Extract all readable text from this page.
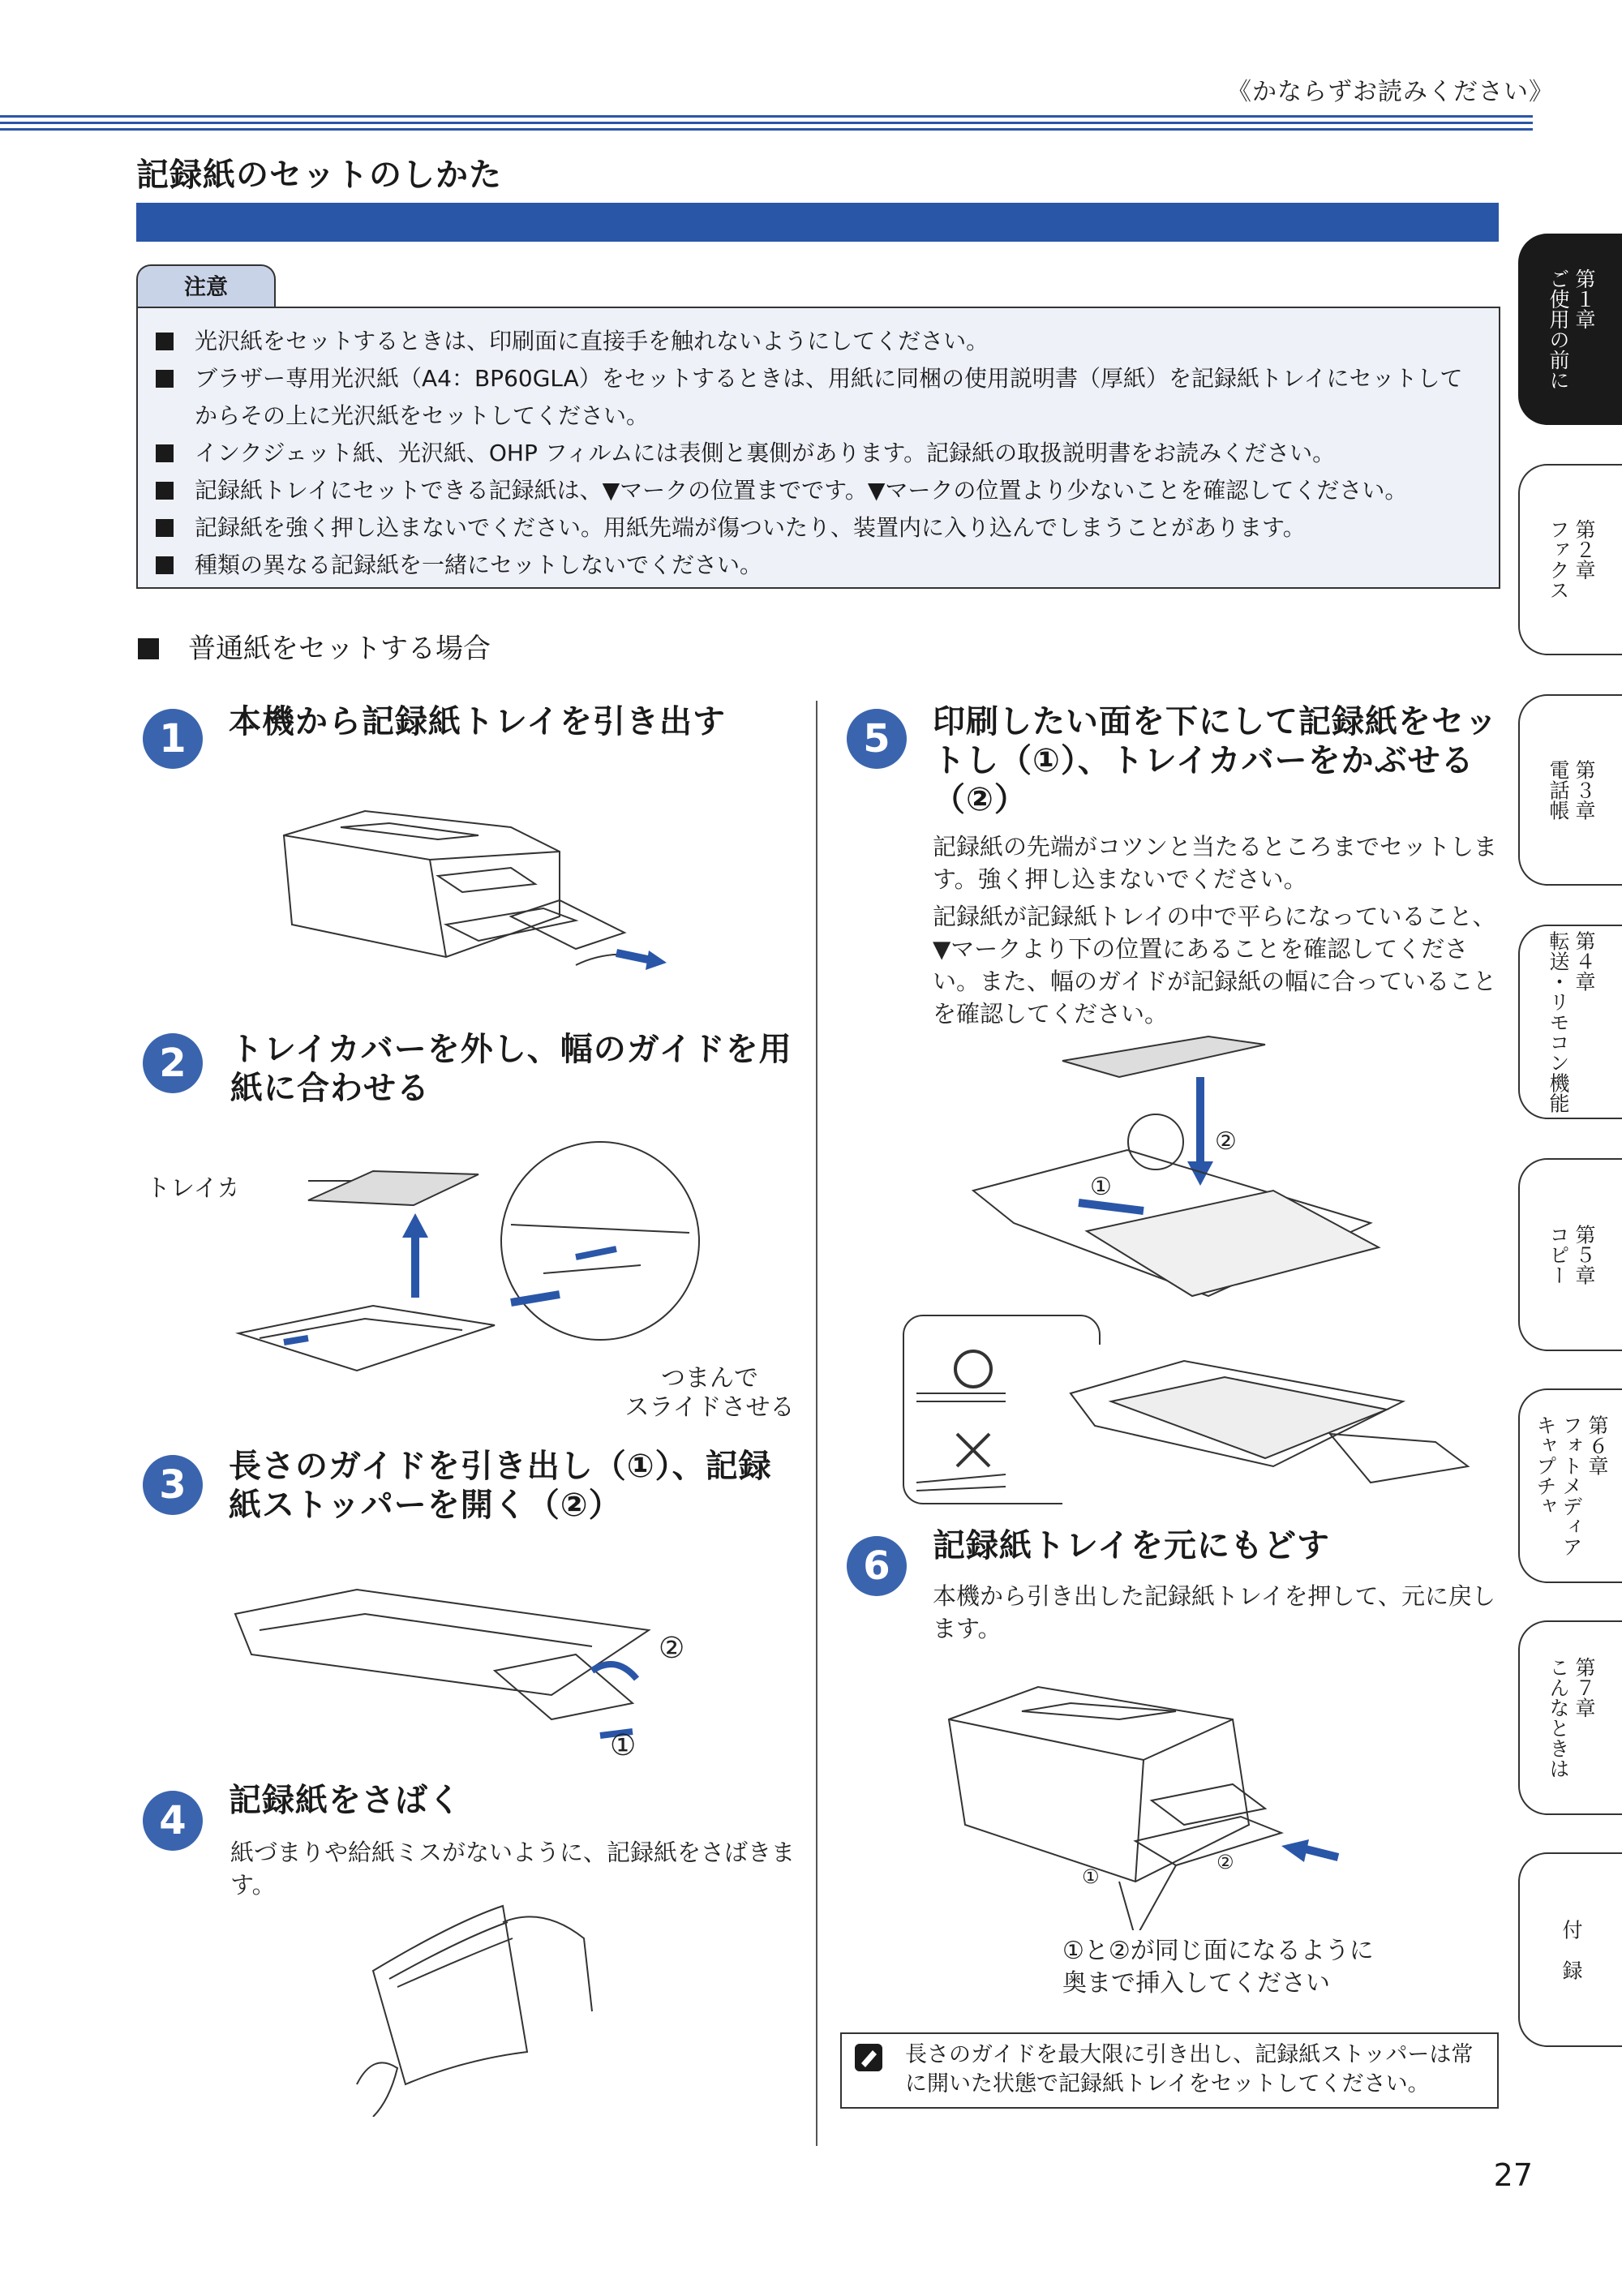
《かならずお読みください》
記録紙のセットのしかた
注意
光沢紙をセットするときは、印刷面に直接手を触れないようにしてください。
ブラザー専用光沢紙（A4：BP60GLA）をセットするときは、用紙に同梱の使用説明書（厚紙）を記録紙トレイにセットしてからその上に光沢紙をセットしてください。
インクジェット紙、光沢紙、OHP フィルムには表側と裏側があります。記録紙の取扱説明書をお読みください。
記録紙トレイにセットできる記録紙は、▼マークの位置までです。▼マークの位置より少ないことを確認してください。
記録紙を強く押し込まないでください。用紙先端が傷ついたり、装置内に入り込んでしまうことがあります。
種類の異なる記録紙を一緒にセットしないでください。
普通紙をセットする場合
1	本機から記録紙トレイを引き出す
2	トレイカバーを外し、幅のガイドを用紙に合わせる
トレイカバー
つまんで
スライドさせる
3	長さのガイドを引き出し（①）、記録紙ストッパーを開く（②）
②
①
4	記録紙をさばく
紙づまりや給紙ミスがないように、記録紙をさばきます。
5	印刷したい面を下にして記録紙をセットし（①）、トレイカバーをかぶせる（②）
記録紙の先端がコツンと当たるところまでセットします。強く押し込まないでください。
記録紙が記録紙トレイの中で平らになっていること、▼マークより下の位置にあることを確認してください。また、幅のガイドが記録紙の幅に合っていることを確認してください。
②
①
6	記録紙トレイを元にもどす
本機から引き出した記録紙トレイを押して、元に戻します。
①
②
①と②が同じ面になるように
奥まで挿入してください
長さのガイドを最大限に引き出し、記録紙ストッパーは常に開いた状態で記録紙トレイをセットしてください。
第１章
ご使用の前に
第２章
ファクス
第３章
電話帳
第４章
転送・リモコン機能
第５章
コピー
第６章
フォトメディア
キャプチャ
第７章
こんなときは
付　録
27
